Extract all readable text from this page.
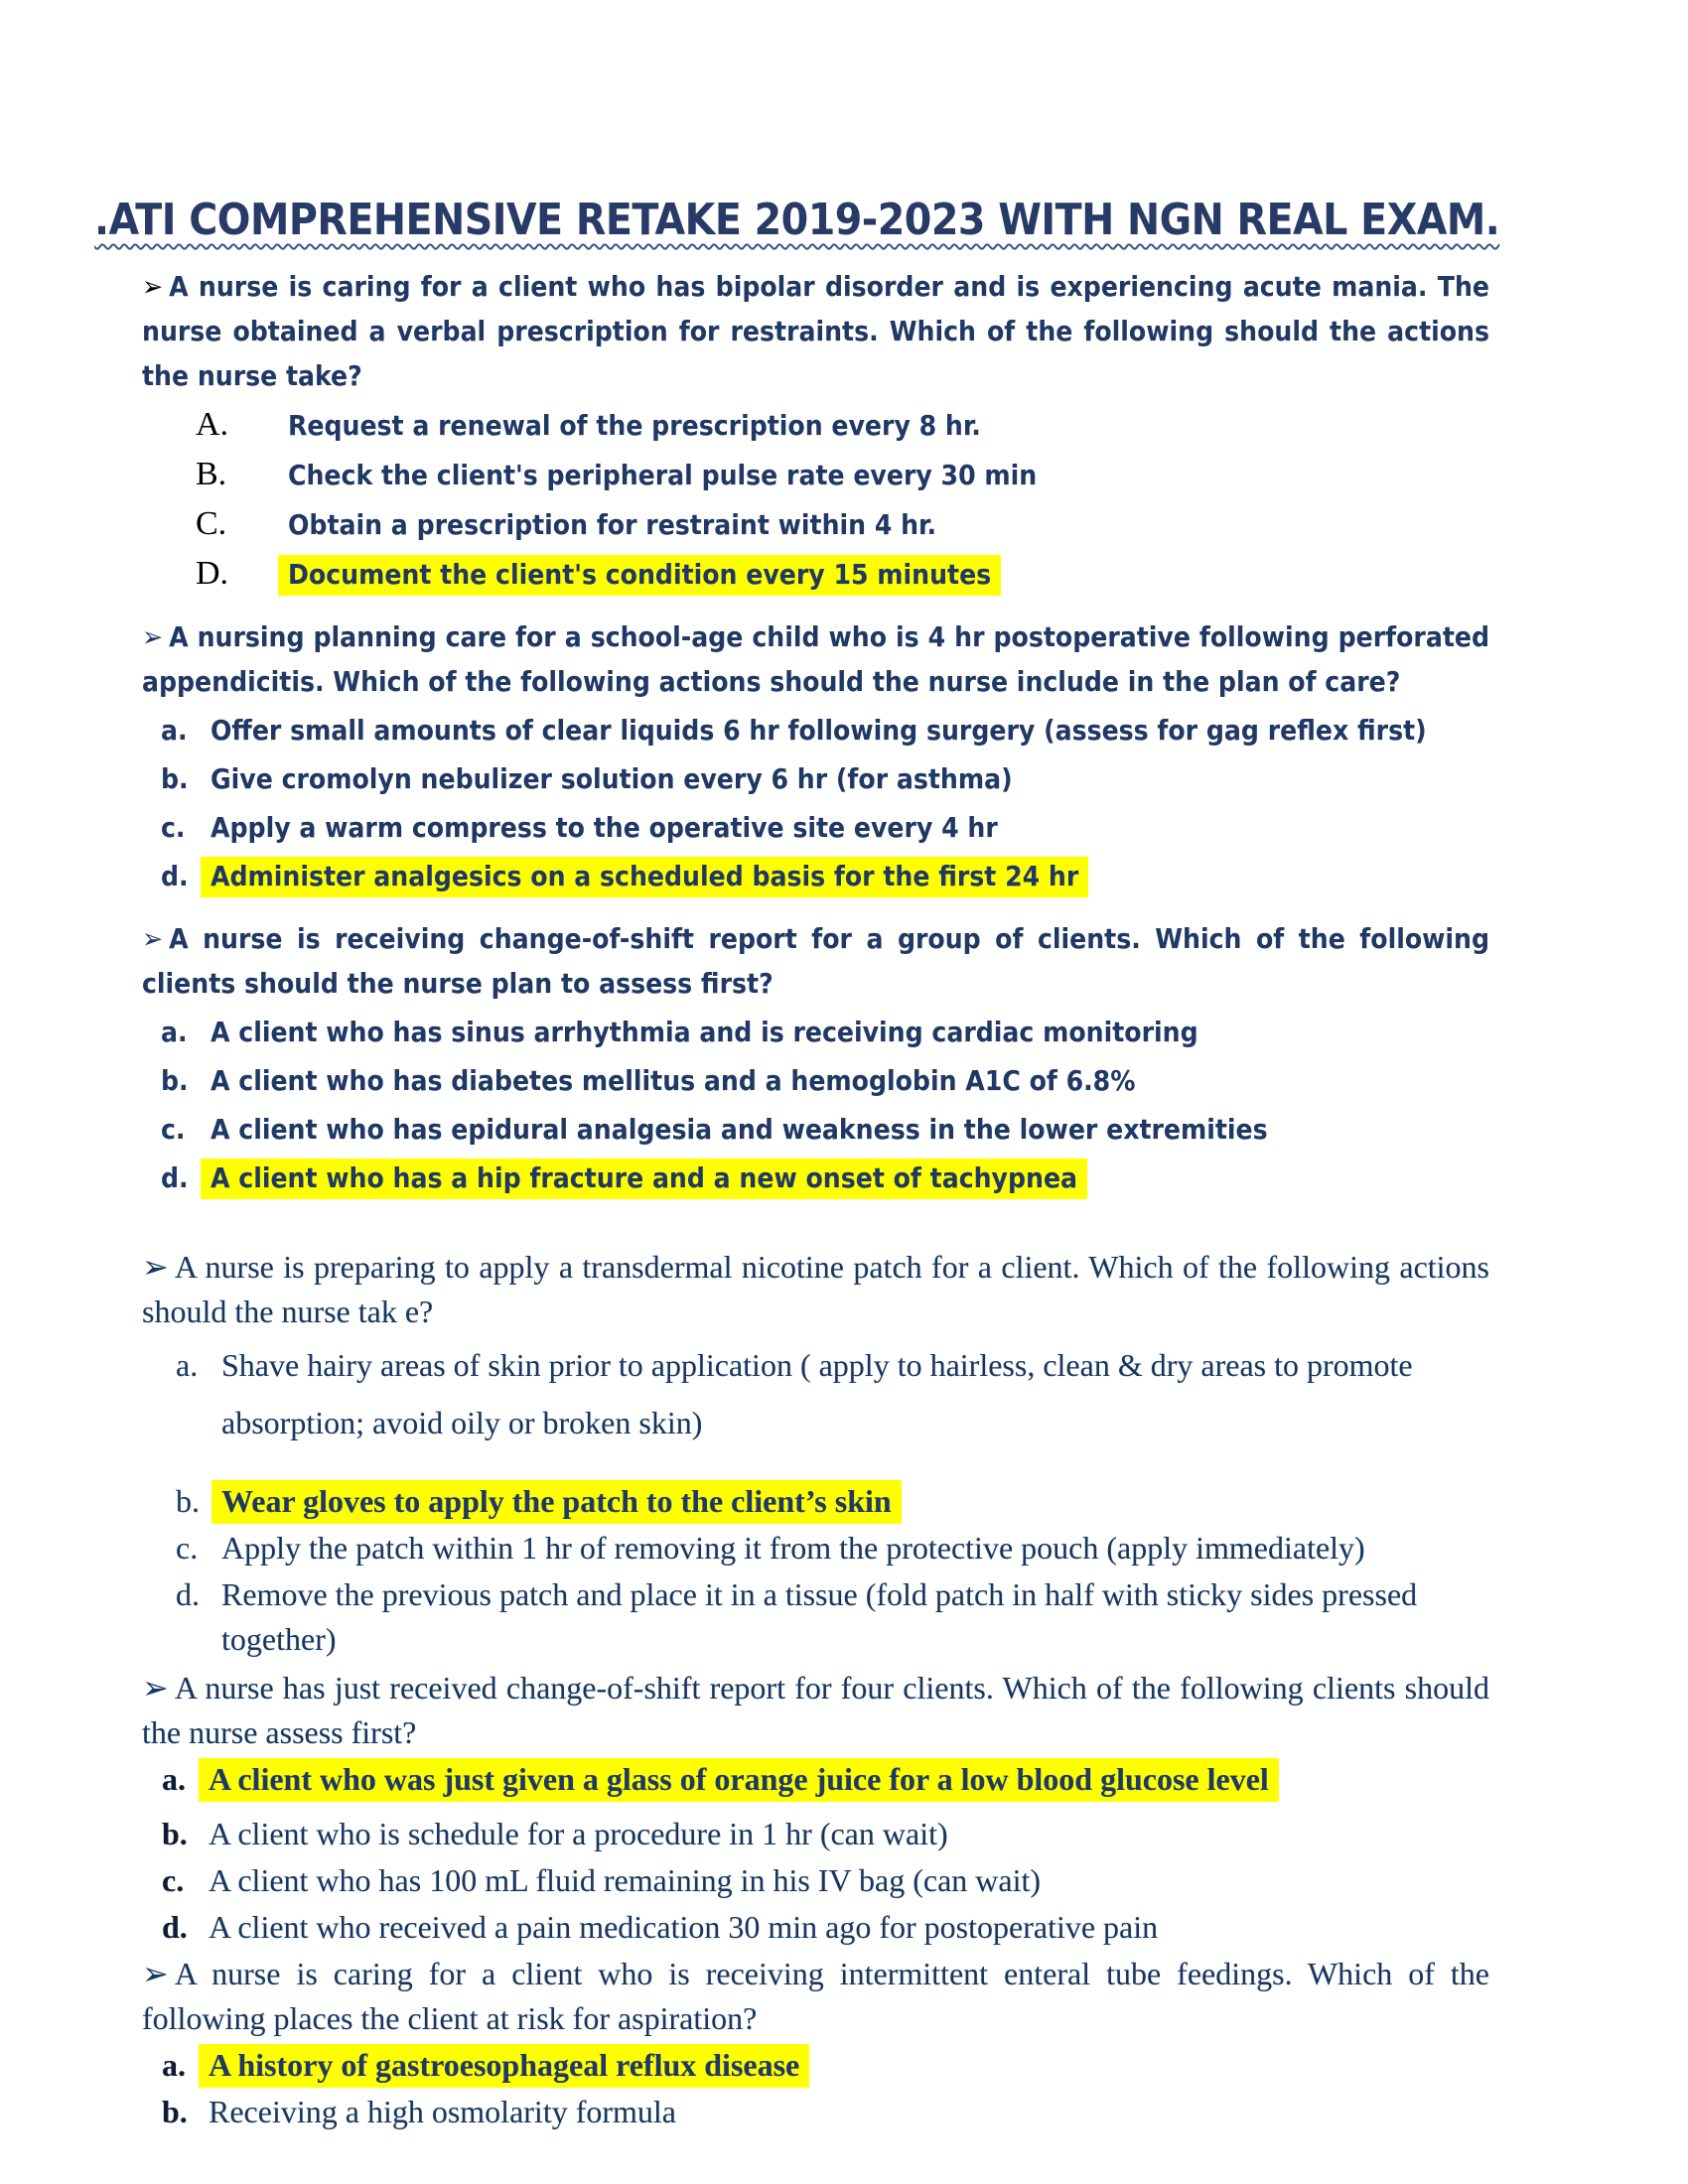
.ATI COMPREHENSIVE RETAKE 2019-2023 WITH NGN REAL EXAM.

➢ A nurse is caring for a client who has bipolar disorder and is experiencing acute mania. The nurse obtained a verbal prescription for restraints. Which of the following should the actions the nurse take?

A.	Request a renewal of the prescription every 8 hr.
B.	Check the client's peripheral pulse rate every 30 min
C.	Obtain a prescription for restraint within 4 hr.
D.	Document the client's condition every 15 minutes

➢ A nursing planning care for a school-age child who is 4 hr postoperative following perforated appendicitis. Which of the following actions should the nurse include in the plan of care?

a. Offer small amounts of clear liquids 6 hr following surgery (assess for gag reflex first)
b. Give cromolyn nebulizer solution every 6 hr (for asthma)
c. Apply a warm compress to the operative site every 4 hr
d. Administer analgesics on a scheduled basis for the first 24 hr

➢ A nurse is receiving change-of-shift report for a group of clients. Which of the following clients should the nurse plan to assess first?

a. A client who has sinus arrhythmia and is receiving cardiac monitoring
b. A client who has diabetes mellitus and a hemoglobin A1C of 6.8%
c. A client who has epidural analgesia and weakness in the lower extremities
d. A client who has a hip fracture and a new onset of tachypnea

➢ A nurse is preparing to apply a transdermal nicotine patch for a client. Which of the following actions should the nurse tak e?

a. Shave hairy areas of skin prior to application ( apply to hairless, clean & dry areas to promote absorption; avoid oily or broken skin)
b. Wear gloves to apply the patch to the client’s skin
c. Apply the patch within 1 hr of removing it from the protective pouch (apply immediately)
d. Remove the previous patch and place it in a tissue (fold patch in half with sticky sides pressed together)

➢ A nurse has just received change-of-shift report for four clients. Which of the following clients should the nurse assess first?

a. A client who was just given a glass of orange juice for a low blood glucose level
b. A client who is schedule for a procedure in 1 hr (can wait)
c. A client who has 100 mL fluid remaining in his IV bag (can wait)
d. A client who received a pain medication 30 min ago for postoperative pain

➢ A nurse is caring for a client who is receiving intermittent enteral tube feedings. Which of the following places the client at risk for aspiration?

a. A history of gastroesophageal reflux disease
b. Receiving a high osmolarity formula
